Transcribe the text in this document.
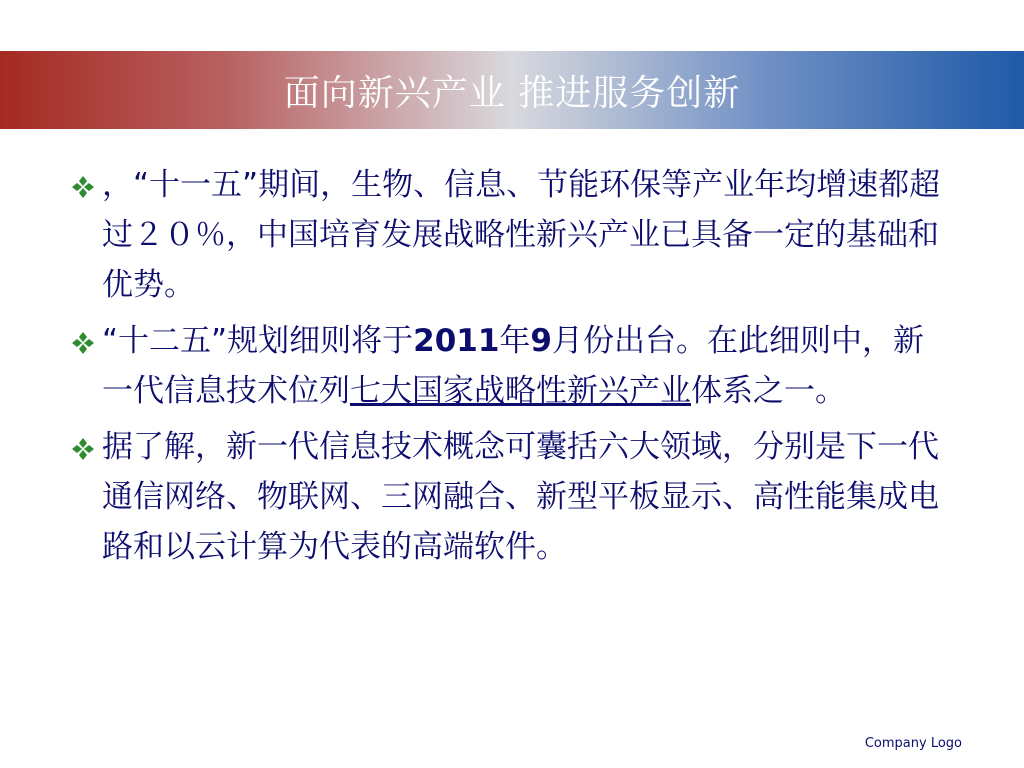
面向新兴产业 推进服务创新
，“十一五”期间，生物、信息、节能环保等产业年均增速都超过２０％，中国培育发展战略性新兴产业已具备一定的基础和优势。
“十二五”规划细则将于2011年9月份出台。在此细则中，新一代信息技术位列七大国家战略性新兴产业体系之一。
据了解，新一代信息技术概念可囊括六大领域，分别是下一代通信网络、物联网、三网融合、新型平板显示、高性能集成电路和以云计算为代表的高端软件。
Company Logo
